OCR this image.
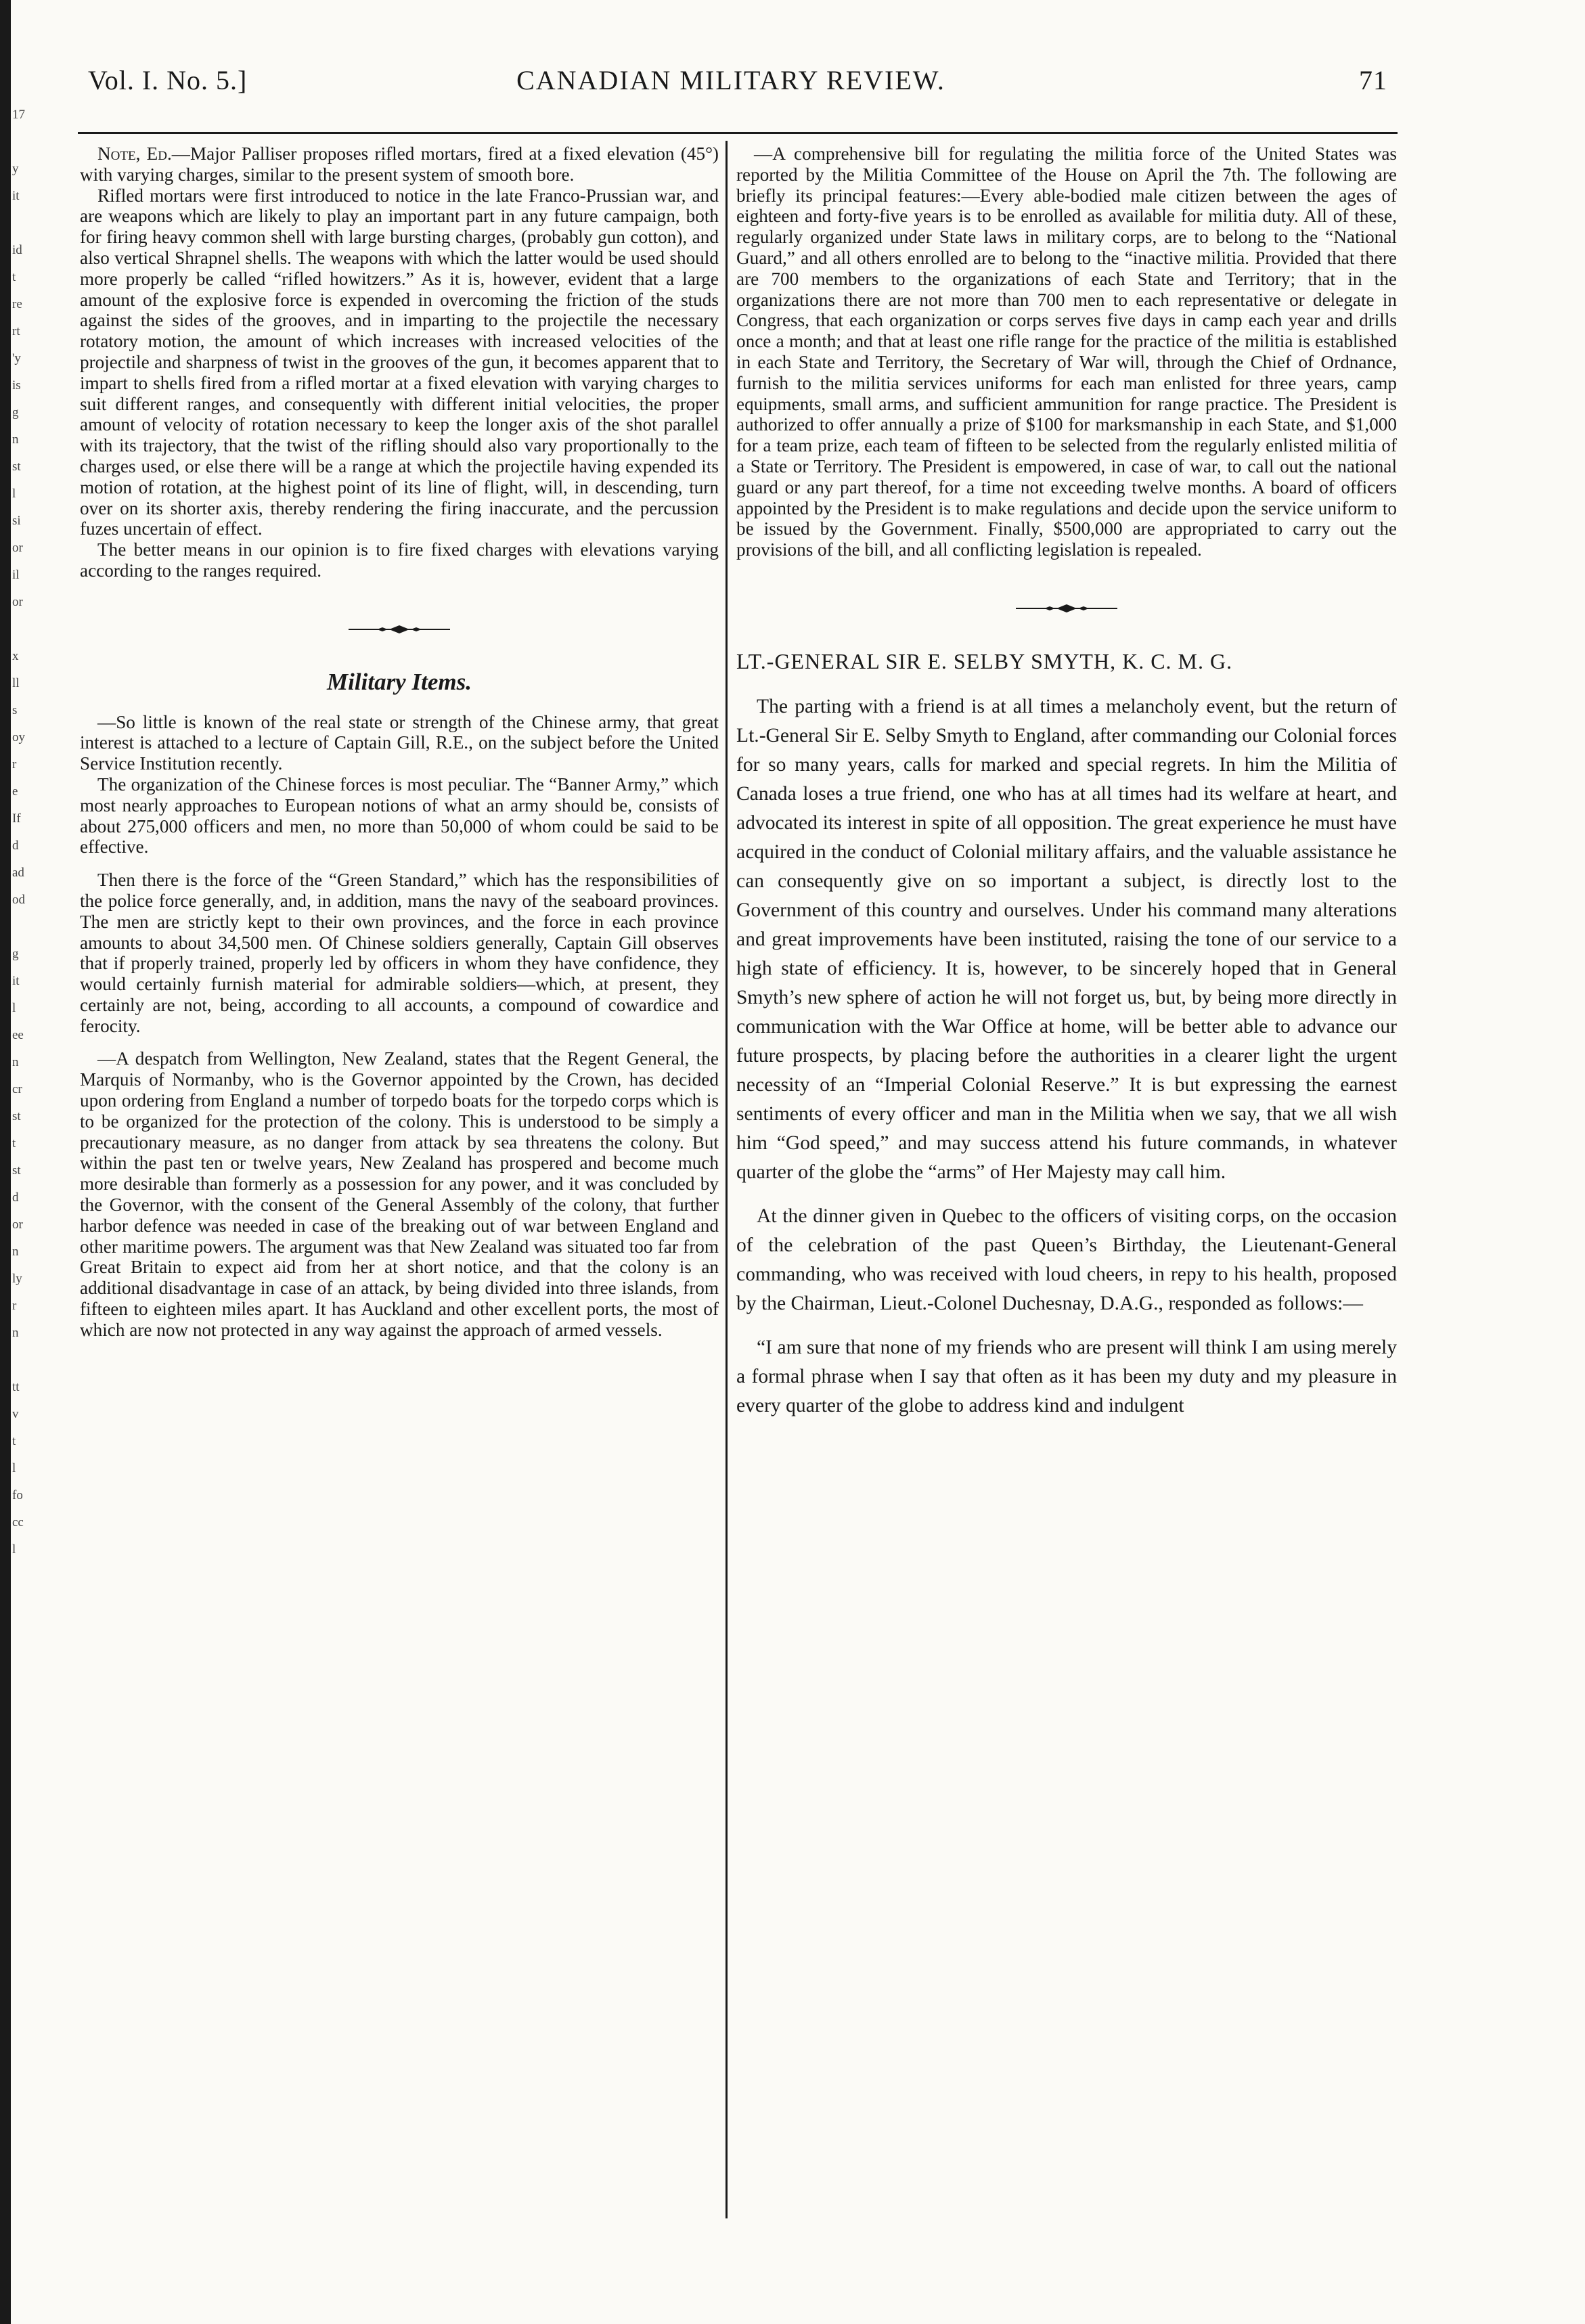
17

y
it

id
t
re
rt
'y
is
g
n
st
l
si
or
il
or

x
ll
s
oy
r
e
If
d
ad
od

g
it
l
ee
n
cr
st
t
st
d
or
n
ly
r
n

tt
v
t
l
fo
cc
l
Vol. I. No. 5.]	CANADIAN MILITARY REVIEW.	71

Note, Ed.—Major Palliser proposes rifled mortars, fired at a fixed elevation (45°) with varying charges, similar to the present system of smooth bore.

Rifled mortars were first introduced to notice in the late Franco-Prussian war, and are weapons which are likely to play an important part in any future campaign, both for firing heavy common shell with large bursting charges, (probably gun cotton), and also vertical Shrapnel shells. The weapons with which the latter would be used should more properly be called “rifled howitzers.” As it is, however, evident that a large amount of the explosive force is expended in overcoming the friction of the studs against the sides of the grooves, and in imparting to the projectile the necessary rotatory motion, the amount of which increases with increased velocities of the projectile and sharpness of twist in the grooves of the gun, it becomes apparent that to impart to shells fired from a rifled mortar at a fixed elevation with varying charges to suit different ranges, and consequently with different initial velocities, the proper amount of velocity of rotation necessary to keep the longer axis of the shot parallel with its trajectory, that the twist of the rifling should also vary proportionally to the charges used, or else there will be a range at which the projectile having expended its motion of rotation, at the highest point of its line of flight, will, in descending, turn over on its shorter axis, thereby rendering the firing inaccurate, and the percussion fuzes uncertain of effect.

The better means in our opinion is to fire fixed charges with elevations varying according to the ranges required.

Military Items.

—So little is known of the real state or strength of the Chinese army, that great interest is attached to a lecture of Captain Gill, R.E., on the subject before the United Service Institution recently.

The organization of the Chinese forces is most peculiar. The “Banner Army,” which most nearly approaches to European notions of what an army should be, consists of about 275,000 officers and men, no more than 50,000 of whom could be said to be effective.

Then there is the force of the “Green Standard,” which has the responsibilities of the police force generally, and, in addition, mans the navy of the seaboard provinces. The men are strictly kept to their own provinces, and the force in each province amounts to about 34,500 men. Of Chinese soldiers generally, Captain Gill observes that if properly trained, properly led by officers in whom they have confidence, they would certainly furnish material for admirable soldiers—which, at present, they certainly are not, being, according to all accounts, a compound of cowardice and ferocity.

—A despatch from Wellington, New Zealand, states that the Regent General, the Marquis of Normanby, who is the Governor appointed by the Crown, has decided upon ordering from England a number of torpedo boats for the torpedo corps which is to be organized for the protection of the colony. This is understood to be simply a precautionary measure, as no danger from attack by sea threatens the colony. But within the past ten or twelve years, New Zealand has prospered and become much more desirable than formerly as a possession for any power, and it was concluded by the Governor, with the consent of the General Assembly of the colony, that further harbor defence was needed in case of the breaking out of war between England and other maritime powers. The argument was that New Zealand was situated too far from Great Britain to expect aid from her at short notice, and that the colony is an additional disadvantage in case of an attack, by being divided into three islands, from fifteen to eighteen miles apart. It has Auckland and other excellent ports, the most of which are now not protected in any way against the approach of armed vessels.

—A comprehensive bill for regulating the militia force of the United States was reported by the Militia Committee of the House on April the 7th. The following are briefly its principal features:—Every able-bodied male citizen between the ages of eighteen and forty-five years is to be enrolled as available for militia duty. All of these, regularly organized under State laws in military corps, are to belong to the “National Guard,” and all others enrolled are to belong to the “inactive militia. Provided that there are 700 members to the organizations of each State and Territory; that in the organizations there are not more than 700 men to each representative or delegate in Congress, that each organization or corps serves five days in camp each year and drills once a month; and that at least one rifle range for the practice of the militia is established in each State and Territory, the Secretary of War will, through the Chief of Ordnance, furnish to the militia services uniforms for each man enlisted for three years, camp equipments, small arms, and sufficient ammunition for range practice. The President is authorized to offer annually a prize of $100 for marksmanship in each State, and $1,000 for a team prize, each team of fifteen to be selected from the regularly enlisted militia of a State or Territory. The President is empowered, in case of war, to call out the national guard or any part thereof, for a time not exceeding twelve months. A board of officers appointed by the President is to make regulations and decide upon the service uniform to be issued by the Government. Finally, $500,000 are appropriated to carry out the provisions of the bill, and all conflicting legislation is repealed.

LT.-GENERAL SIR E. SELBY SMYTH, K. C. M. G.

The parting with a friend is at all times a melancholy event, but the return of Lt.-General Sir E. Selby Smyth to England, after commanding our Colonial forces for so many years, calls for marked and special regrets. In him the Militia of Canada loses a true friend, one who has at all times had its welfare at heart, and advocated its interest in spite of all opposition. The great experience he must have acquired in the conduct of Colonial military affairs, and the valuable assistance he can consequently give on so important a subject, is directly lost to the Government of this country and ourselves. Under his command many alterations and great improvements have been instituted, raising the tone of our service to a high state of efficiency. It is, however, to be sincerely hoped that in General Smyth’s new sphere of action he will not forget us, but, by being more directly in communication with the War Office at home, will be better able to advance our future prospects, by placing before the authorities in a clearer light the urgent necessity of an “Imperial Colonial Reserve.” It is but expressing the earnest sentiments of every officer and man in the Militia when we say, that we all wish him “God speed,” and may success attend his future commands, in whatever quarter of the globe the “arms” of Her Majesty may call him.

At the dinner given in Quebec to the officers of visiting corps, on the occasion of the celebration of the past Queen’s Birthday, the Lieutenant-General commanding, who was received with loud cheers, in repy to his health, proposed by the Chairman, Lieut.-Colonel Duchesnay, D.A.G., responded as follows:—

“I am sure that none of my friends who are present will think I am using merely a formal phrase when I say that often as it has been my duty and my pleasure in every quarter of the globe to address kind and indulgent
